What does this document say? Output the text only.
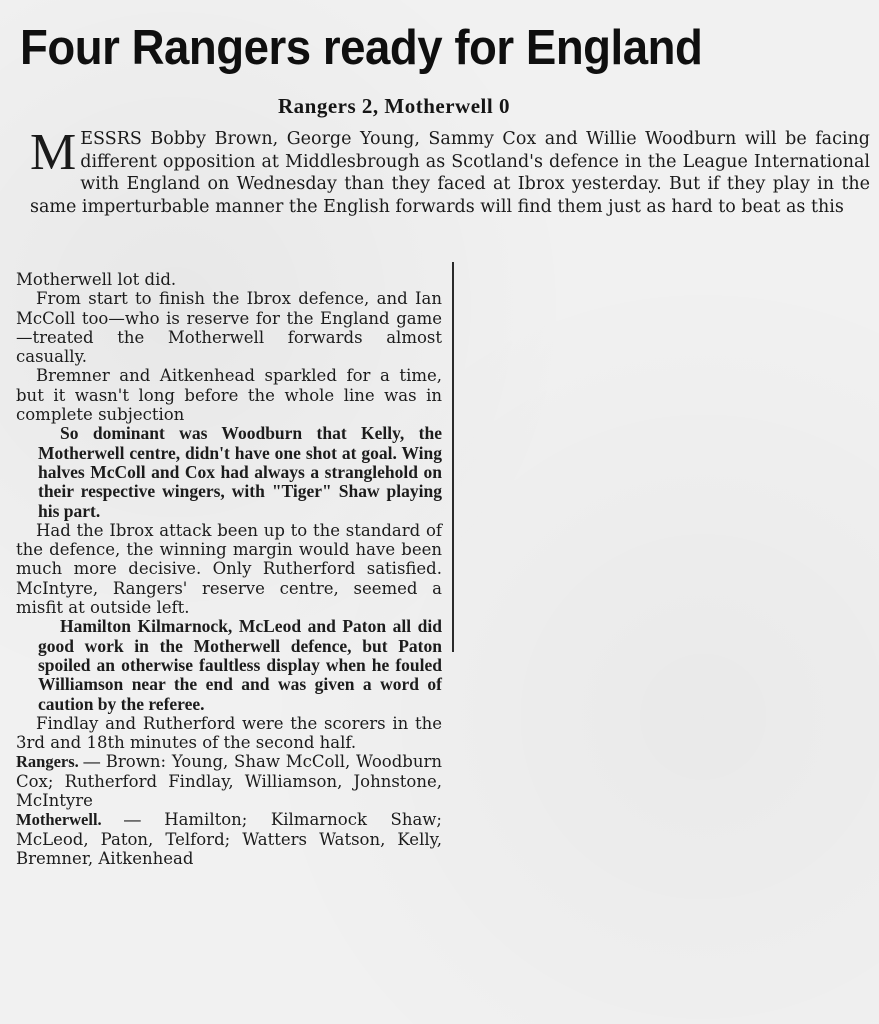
Four Rangers ready for England
Rangers 2, Motherwell 0
M ESSRS Bobby Brown, George Young, Sammy Cox and Willie Woodburn will be facing different opposition at Middlesbrough as Scotland's defence in the League International with England on Wednesday than they faced at Ibrox yesterday. But if they play in the same imperturbable manner the English forwards will find them just as hard to beat as this

Motherwell lot did.

From start to finish the Ibrox defence, and Ian McColl too—who is reserve for the England game—treated the Motherwell forwards almost casually.

Bremner and Aitkenhead sparkled for a time, but it wasn't long before the whole line was in complete subjection

So dominant was Woodburn that Kelly, the Motherwell centre, didn't have one shot at goal. Wing halves McColl and Cox had always a stranglehold on their respective wingers, with "Tiger" Shaw playing his part.

Had the Ibrox attack been up to the standard of the defence, the winning margin would have been much more decisive. Only Rutherford satisfied. McIntyre, Rangers' reserve centre, seemed a misfit at outside left.

Hamilton Kilmarnock, McLeod and Paton all did good work in the Motherwell defence, but Paton spoiled an otherwise faultless display when he fouled Williamson near the end and was given a word of caution by the referee.

Findlay and Rutherford were the scorers in the 3rd and 18th minutes of the second half.

Rangers. — Brown: Young, Shaw McColl, Woodburn Cox; Rutherford Findlay, Williamson, Johnstone, McIntyre

Motherwell. — Hamilton; Kilmarnock Shaw; McLeod, Paton, Telford; Watters Watson, Kelly, Bremner, Aitkenhead
